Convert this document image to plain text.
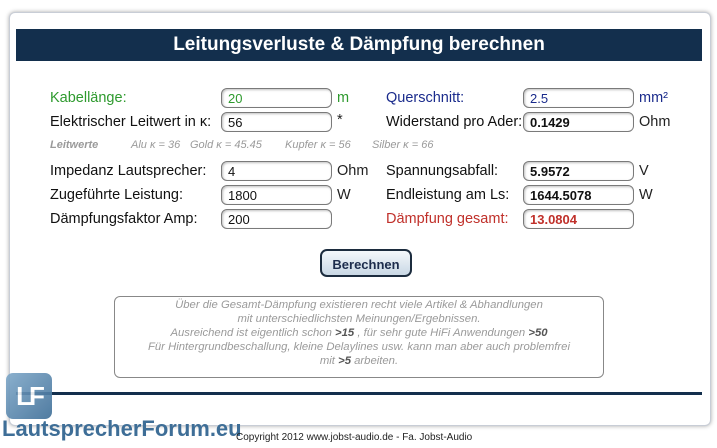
Leitungsverluste & Dämpfung berechnen
Kabellänge:	20	m
Elektrischer Leitwert in κ:	56	*
Leitwerte	Alu κ = 36 Gold κ = 45.45 Kupfer κ = 56 Silber κ = 66
Impedanz Lautsprecher:	4	Ohm
Zugeführte Leistung:	1800	W
Dämpfungsfaktor Amp:	200
Querschnitt:	2.5	mm²
Widerstand pro Ader: 0.1429	Ohm
Spannungsabfall:	5.9572	V
Endleistung am Ls:	1644.5078	W
Dämpfung gesamt:	13.0804
Berechnen
Über die Gesamt-Dämpfung existieren recht viele Artikel & Abhandlungen
mit unterschiedlichsten Meinungen/Ergebnissen.
Ausreichend ist eigentlich schon >15 , für sehr gute HiFi Anwendungen >50
Für Hintergrundbeschallung, kleine Delaylines usw. kann man aber auch problemfrei
mit >5 arbeiten.
LF
LautsprecherForum.eu
Copyright 2012 www.jobst-audio.de - Fa. Jobst-Audio
